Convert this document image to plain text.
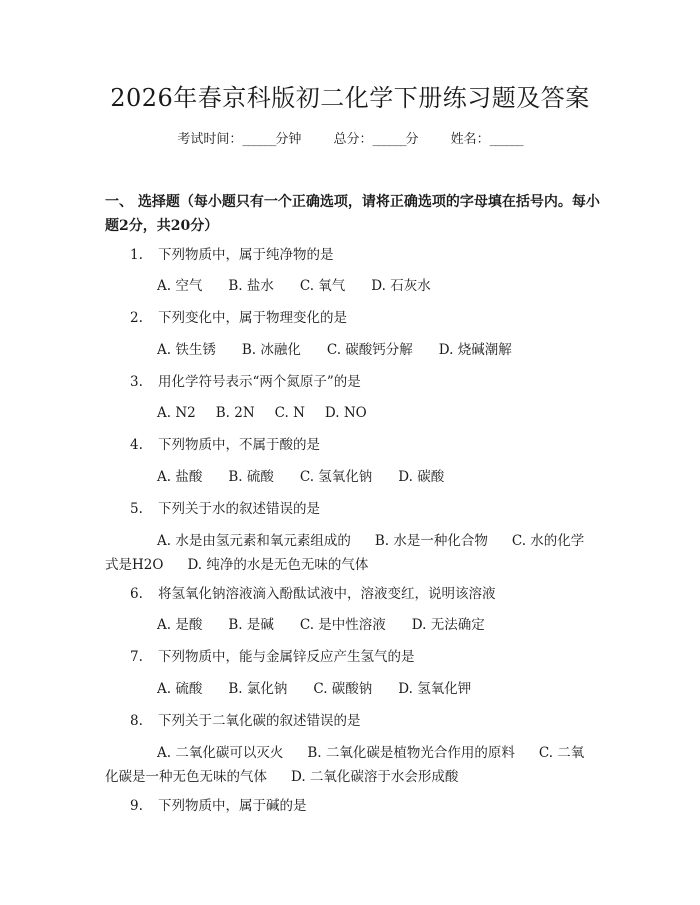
2026年春京科版初二化学下册练习题及答案
考试时间：______分钟 总分：______分 姓名：______
一、 选择题（每小题只有一个正确选项，请将正确选项的字母填在括号内。每小题2分，共20分）
1. 下列物质中，属于纯净物的是
A. 空气 B. 盐水 C. 氧气 D. 石灰水
2. 下列变化中，属于物理变化的是
A. 铁生锈 B. 冰融化 C. 碳酸钙分解 D. 烧碱潮解
3. 用化学符号表示“两个氮原子”的是
A. N2 B. 2N C. N D. NO
4. 下列物质中，不属于酸的是
A. 盐酸 B. 硫酸 C. 氢氧化钠 D. 碳酸
5. 下列关于水的叙述错误的是
A. 水是由氢元素和氧元素组成的 B. 水是一种化合物 C. 水的化学式是H2O D. 纯净的水是无色无味的气体
6. 将氢氧化钠溶液滴入酚酞试液中，溶液变红，说明该溶液
A. 是酸 B. 是碱 C. 是中性溶液 D. 无法确定
7. 下列物质中，能与金属锌反应产生氢气的是
A. 硫酸 B. 氯化钠 C. 碳酸钠 D. 氢氧化钾
8. 下列关于二氧化碳的叙述错误的是
A. 二氧化碳可以灭火 B. 二氧化碳是植物光合作用的原料 C. 二氧化碳是一种无色无味的气体 D. 二氧化碳溶于水会形成酸
9. 下列物质中，属于碱的是
